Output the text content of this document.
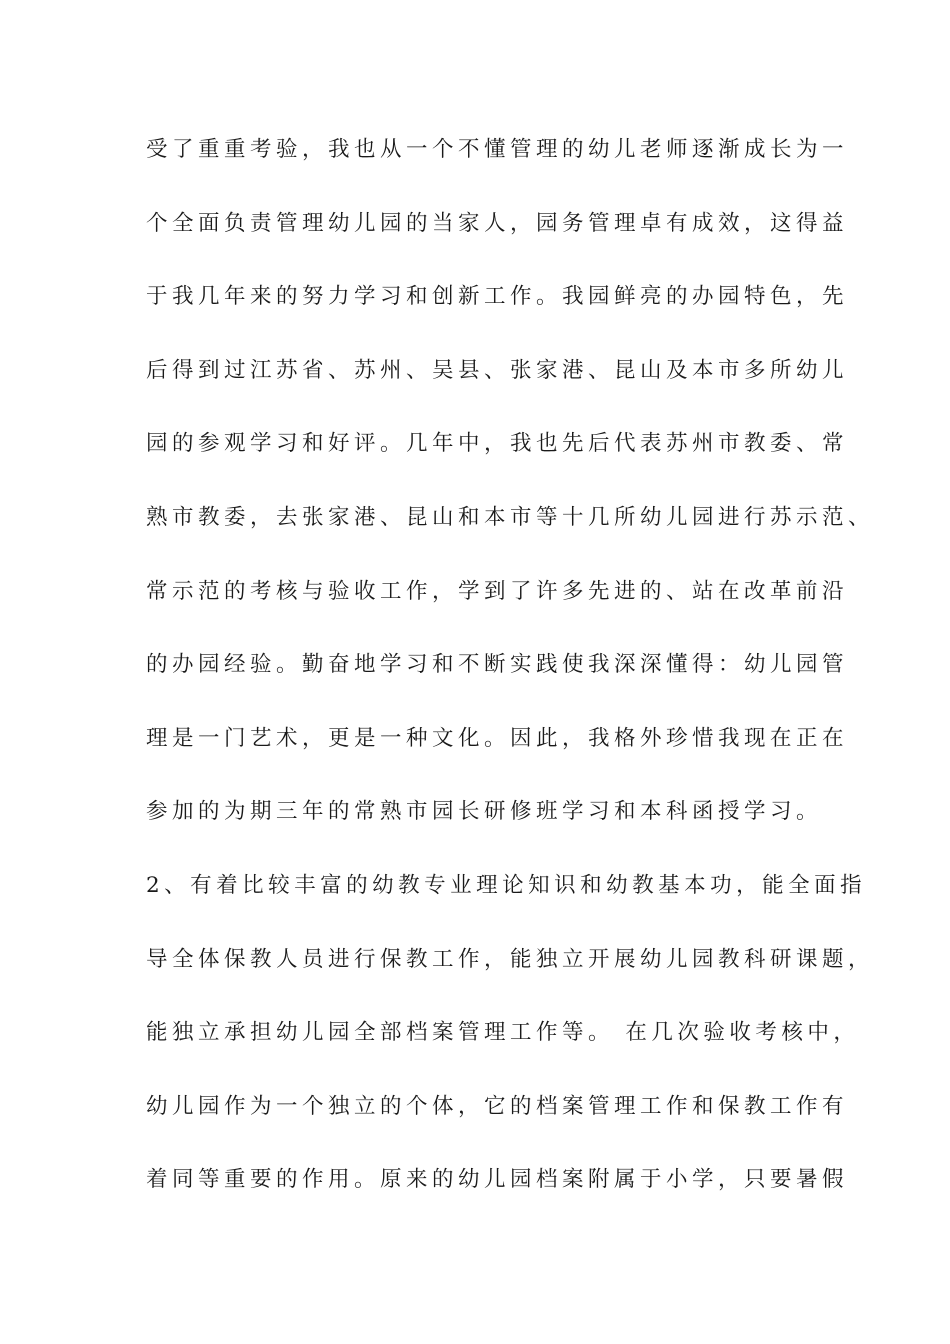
受了重重考验，我也从一个不懂管理的幼儿老师逐渐成长为一
个全面负责管理幼儿园的当家人，园务管理卓有成效，这得益
于我几年来的努力学习和创新工作。我园鲜亮的办园特色，先
后得到过江苏省、苏州、吴县、张家港、昆山及本市多所幼儿
园的参观学习和好评。几年中，我也先后代表苏州市教委、常
熟市教委，去张家港、昆山和本市等十几所幼儿园进行苏示范、
常示范的考核与验收工作，学到了许多先进的、站在改革前沿
的办园经验。勤奋地学习和不断实践使我深深懂得：幼儿园管
理是一门艺术，更是一种文化。因此，我格外珍惜我现在正在
参加的为期三年的常熟市园长研修班学习和本科函授学习。
2、有着比较丰富的幼教专业理论知识和幼教基本功，能全面指
导全体保教人员进行保教工作，能独立开展幼儿园教科研课题，
能独立承担幼儿园全部档案管理工作等。 在几次验收考核中，
幼儿园作为一个独立的个体，它的档案管理工作和保教工作有
着同等重要的作用。原来的幼儿园档案附属于小学，只要暑假
